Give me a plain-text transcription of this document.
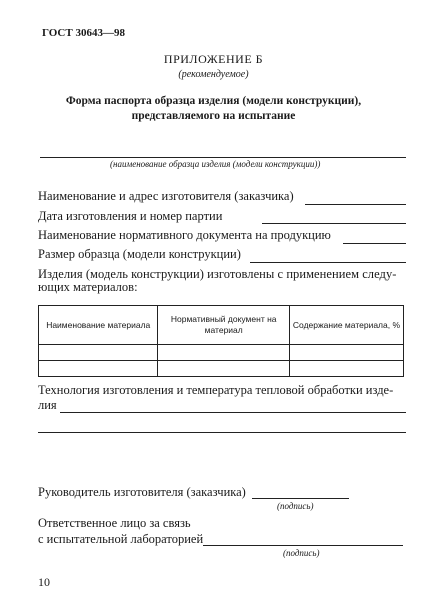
ГОСТ 30643—98
ПРИЛОЖЕНИЕ Б
(рекомендуемое)
Форма паспорта образца изделия (модели конструкции),
представляемого на испытание
(наименование образца изделия (модели конструкции))
Наименование и адрес изготовителя (заказчика)
Дата изготовления и номер партии
Наименование нормативного документа на продукцию
Размер образца (модели конструкции)
Изделия (модель конструкции) изготовлены с применением следу-
ющих материалов:
Наименование материала	Нормативный документ на материал	Содержание материала, %

Технология изготовления и температура тепловой обработки изде-
лия
Руководитель изготовителя (заказчика)
(подпись)
Ответственное лицо за связь
с испытательной лабораторией
(подпись)
10
